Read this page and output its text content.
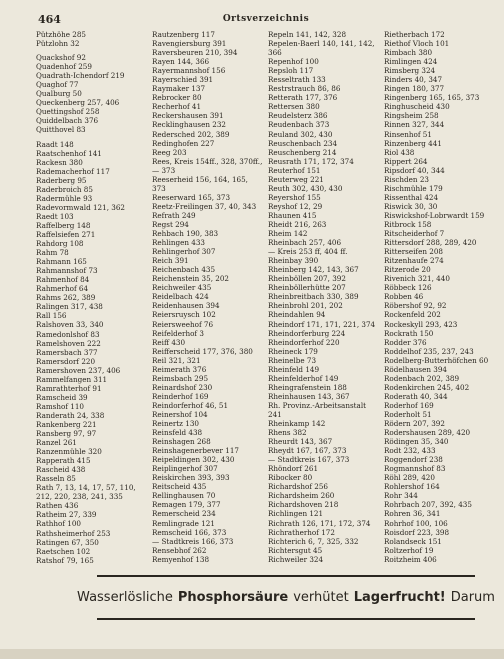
464	Ortsverzeichnis
Pützhöhe 285
Pützlohn 32
Quackshof 92
Quadenhof 259
Quadrath-Ichendorf 219
Quaghof 77
Qualburg 50
Queckenberg 257, 406
Quettingshof 258
Quiddelbach 376
Quitthovel 83
Raadt 148
Raatschenhof 141
Rackesn 380
Rademacherhof 117
Raderberg 95
Raderbroich 85
Radermühle 93
Radevormwald 121, 362
Raedt 103
Raffelberg 148
Raffelsiefen 271
Rahdorg 108
Rahm 78
Rahmann 165
Rahmannshof 73
Rahmenhof 84
Rahmerhof 64
Rahms 262, 389
Ralingen 317, 438
Rall 156
Ralshoven 33, 340
Ramedonlshof 83
Ramelshoven 222
Ramersbach 377
Ramersdorf 220
Ramershoven 237, 406
Rammelfangen 311
Ramrathterhof 91
Ramscheid 39
Ramshof 110
Randerath 24, 338
Rankenberg 221
Ransberg 97, 97
Ranzel 261
Ranzenmühle 320
Rapperath 415
Rascheid 438
Rasseln 85
Rath 7, 13, 14, 17, 57, 110,
212, 220, 238, 241, 335
Rathen 436
Ratheim 27, 339
Rathhof 100
Rathsheimerhof 253
Ratingen 67, 350
Raetschen 102
Ratshof 79, 165
Rautzenberg 117
Ravengiersburg 391
Raversbeuren 210, 394
Rayen 144, 366
Rayermannshof 156
Rayerschied 391
Raymaker 137
Rebrocker 80
Recherhof 41
Reckershausen 391
Recklinghausen 232
Redersched 202, 389
Redinghofen 227
Reeg 203
Rees, Kreis 154ff., 328, 370ff.,
— 373
Reeserheid 156, 164, 165,
373
Reeserward 165, 373
Reetz-Freilingen 37, 40, 343
Refrath 249
Regst 294
Rehbach 190, 383
Rehlingen 433
Rehlingerhof 307
Reich 391
Reichenbach 435
Reichenstein 35, 202
Reichweiler 435
Reidelbach 424
Reidenhausen 394
Reiersruysch 102
Reiersweehof 76
Reifelderhof 3
Reiff 430
Reifferscheid 177, 376, 380
Reil 321, 321
Reimerath 376
Reimsbach 295
Reinardshof 230
Reinderhof 169
Reindorferhof 46, 51
Reinershof 104
Reinertz 130
Reinsfeld 438
Reinshagen 268
Reinshagenerbever 117
Reipeldingen 302, 430
Reiplingerhof 307
Reiskirchen 393, 393
Reitscheid 435
Rellinghausen 70
Remagen 179, 377
Remerscheid 234
Remlingrade 121
Remscheid 166, 373
— Stadtkreis 166, 373
Rensebhof 262
Remyenhof 138
Repeln 141, 142, 328
Repelen-Baerl 140, 141, 142,
366
Repenhof 100
Repsloh 117
Resseltrath 133
Restrstrauch 86, 86
Retterath 177, 376
Rettersen 380
Reudelsterz 386
Reudenbach 373
Reuland 302, 430
Reuschenbach 234
Reuschenberg 214
Reusrath 171, 172, 374
Reuterhof 151
Reuterweg 221
Reuth 302, 430, 430
Reyershof 155
Reyshof 12, 29
Rhaunen 415
Rheidt 216, 263
Rheim 142
Rheinbach 257, 406
— Kreis 253 ff, 404 ff.
Rheinbay 390
Rheinberg 142, 143, 367
Rheinböllen 207, 392
Rheinböllerhütte 207
Rheinbreitbach 330, 389
Rheinbrohl 201, 202
Rheindahlen 94
Rheindorf 171, 171, 221, 374
Rheindorferburg 224
Rheindorferhof 220
Rheineck 179
Rheinelbe 73
Rheinfeld 149
Rheinfelderhof 149
Rheingrafenstein 188
Rheinhausen 143, 367
Rh. Provinz.-Arbeitsanstalt
241
Rheinkamp 142
Rhens 382
Rheurdt 143, 367
Rheydt 167, 167, 373
— Stadtkreis 167, 373
Rhöndorf 261
Ribocker 80
Richardshof 256
Richardsheim 260
Richardshoven 218
Richlingen 121
Richrath 126, 171, 172, 374
Richratherhof 172
Richterich 6, 7, 325, 332
Richtersgut 45
Richweiler 324
Rietherbach 172
Riethof Vloch 101
Rimbach 380
Rimlingen 424
Rimsberg 324
Rinders 40, 347
Ringen 180, 377
Ringenberg 165, 165, 373
Ringhuscheid 430
Ringsheim 258
Rinnen 327, 344
Rinsenhof 51
Rinzenberg 441
Riol 438
Rippert 264
Ripsdorf 40, 344
Rischden 23
Rischmühle 179
Rissenthal 424
Riswick 30, 30
Riswickshof-Lobrwardt 159
Ritbrock 158
Ritscheiderhof 7
Rittersdorf 288, 289, 420
Ritterseifen 208
Ritzenhaufe 274
Ritzerode 20
Rivenich 321, 440
Röbbeck 126
Robben 46
Röbershof 92, 92
Rockenfeld 202
Rockeskyll 293, 423
Rockrath 150
Rodder 376
Roddelhof 235, 237, 243
Rodelberg-Butterhöfchen 60
Rödelhausen 394
Rodenbach 202, 389
Rodenkirchen 245, 402
Roderath 40, 344
Roderhof 169
Roderholt 51
Rödern 207, 392
Rodershausen 289, 420
Rödingen 35, 340
Rodt 232, 433
Roggendorf 238
Rogmannshof 83
Röhl 289, 420
Rohlershof 164
Rohr 344
Rohrbach 207, 392, 435
Rohren 36, 341
Rohrhof 100, 106
Roisdorf 223, 398
Rolandseck 151
Roltzerhof 19
Roitzheim 406
Wasserlösliche Phosphorsäure verhütet Lagerfrucht! Darum
